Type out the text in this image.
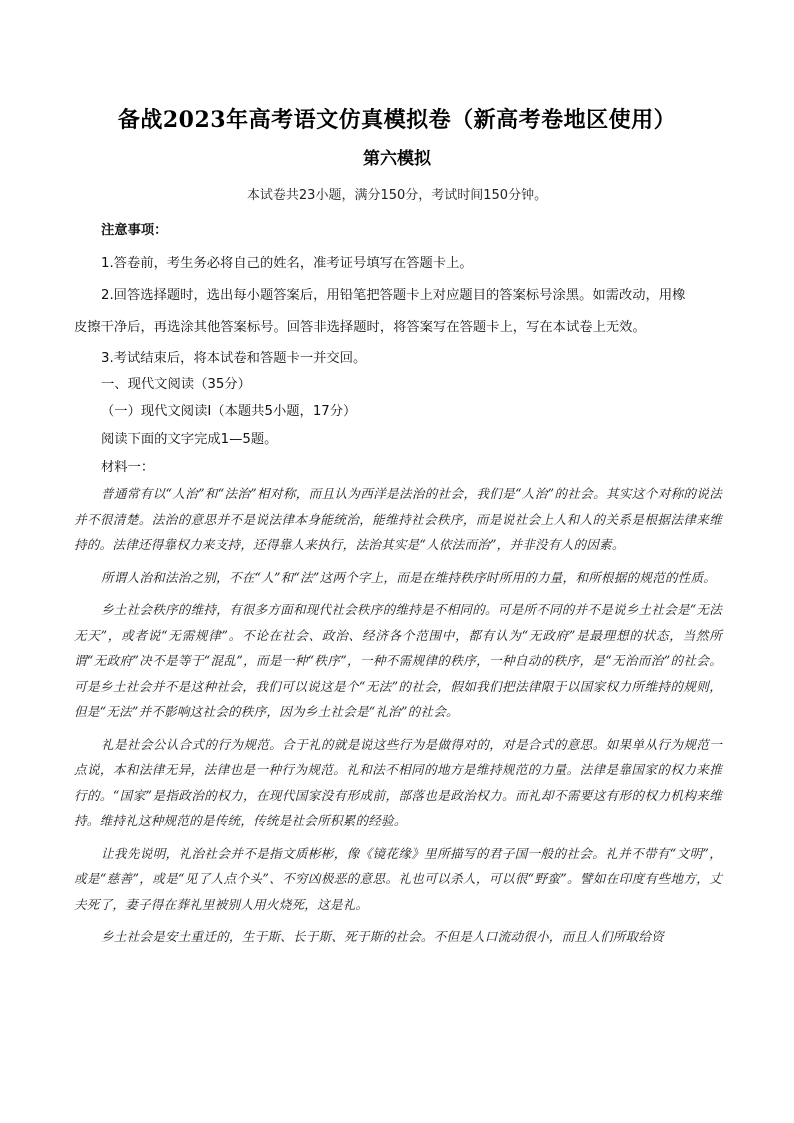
备战2023年高考语文仿真模拟卷（新高考卷地区使用）
第六模拟
本试卷共23小题，满分150分，考试时间150分钟。
注意事项：
1.答卷前，考生务必将自己的姓名，准考证号填写在答题卡上。
2.回答选择题时，选出每小题答案后，用铅笔把答题卡上对应题目的答案标号涂黑。如需改动，用橡
皮擦干净后，再选涂其他答案标号。回答非选择题时，将答案写在答题卡上，写在本试卷上无效。
3.考试结束后，将本试卷和答题卡一并交回。
一、现代文阅读（35分）
（一）现代文阅读Ⅰ（本题共5小题，17分）
阅读下面的文字完成1—5题。
材料一：

普通常有以“人治”和“法治”相对称，而且认为西洋是法治的社会，我们是“人治”的社会。其实这个对称的说法并不很清楚。法治的意思并不是说法律本身能统治，能维持社会秩序，而是说社会上人和人的关系是根据法律来维持的。法律还得靠权力来支持，还得靠人来执行，法治其实是“人依法而治”，并非没有人的因素。

所谓人治和法治之别，不在“人”和“法”这两个字上，而是在维持秩序时所用的力量，和所根据的规范的性质。

乡土社会秩序的维持，有很多方面和现代社会秩序的维持是不相同的。可是所不同的并不是说乡土社会是“无法无天”，或者说“无需规律”。不论在社会、政治、经济各个范围中，都有认为“无政府”是最理想的状态，当然所谓“无政府”决不是等于“混乱”，而是一种“秩序”，一种不需规律的秩序，一种自动的秩序，是“无治而治”的社会。可是乡土社会并不是这种社会，我们可以说这是个“无法”的社会，假如我们把法律限于以国家权力所维持的规则，但是“无法”并不影响这社会的秩序，因为乡土社会是“礼治”的社会。

礼是社会公认合式的行为规范。合于礼的就是说这些行为是做得对的，对是合式的意思。如果单从行为规范一点说，本和法律无异，法律也是一种行为规范。礼和法不相同的地方是维持规范的力量。法律是靠国家的权力来推行的。“国家”是指政治的权力，在现代国家没有形成前，部落也是政治权力。而礼却不需要这有形的权力机构来维持。维持礼这种规范的是传统，传统是社会所积累的经验。

让我先说明，礼治社会并不是指文质彬彬，像《镜花缘》里所描写的君子国一般的社会。礼并不带有“文明”，或是“慈善”，或是“见了人点个头”、不穷凶极恶的意思。礼也可以杀人，可以很“野蛮”。譬如在印度有些地方，丈夫死了，妻子得在葬礼里被别人用火烧死，这是礼。

乡土社会是安土重迁的，生于斯、长于斯、死于斯的社会。不但是人口流动很小，而且人们所取给资
